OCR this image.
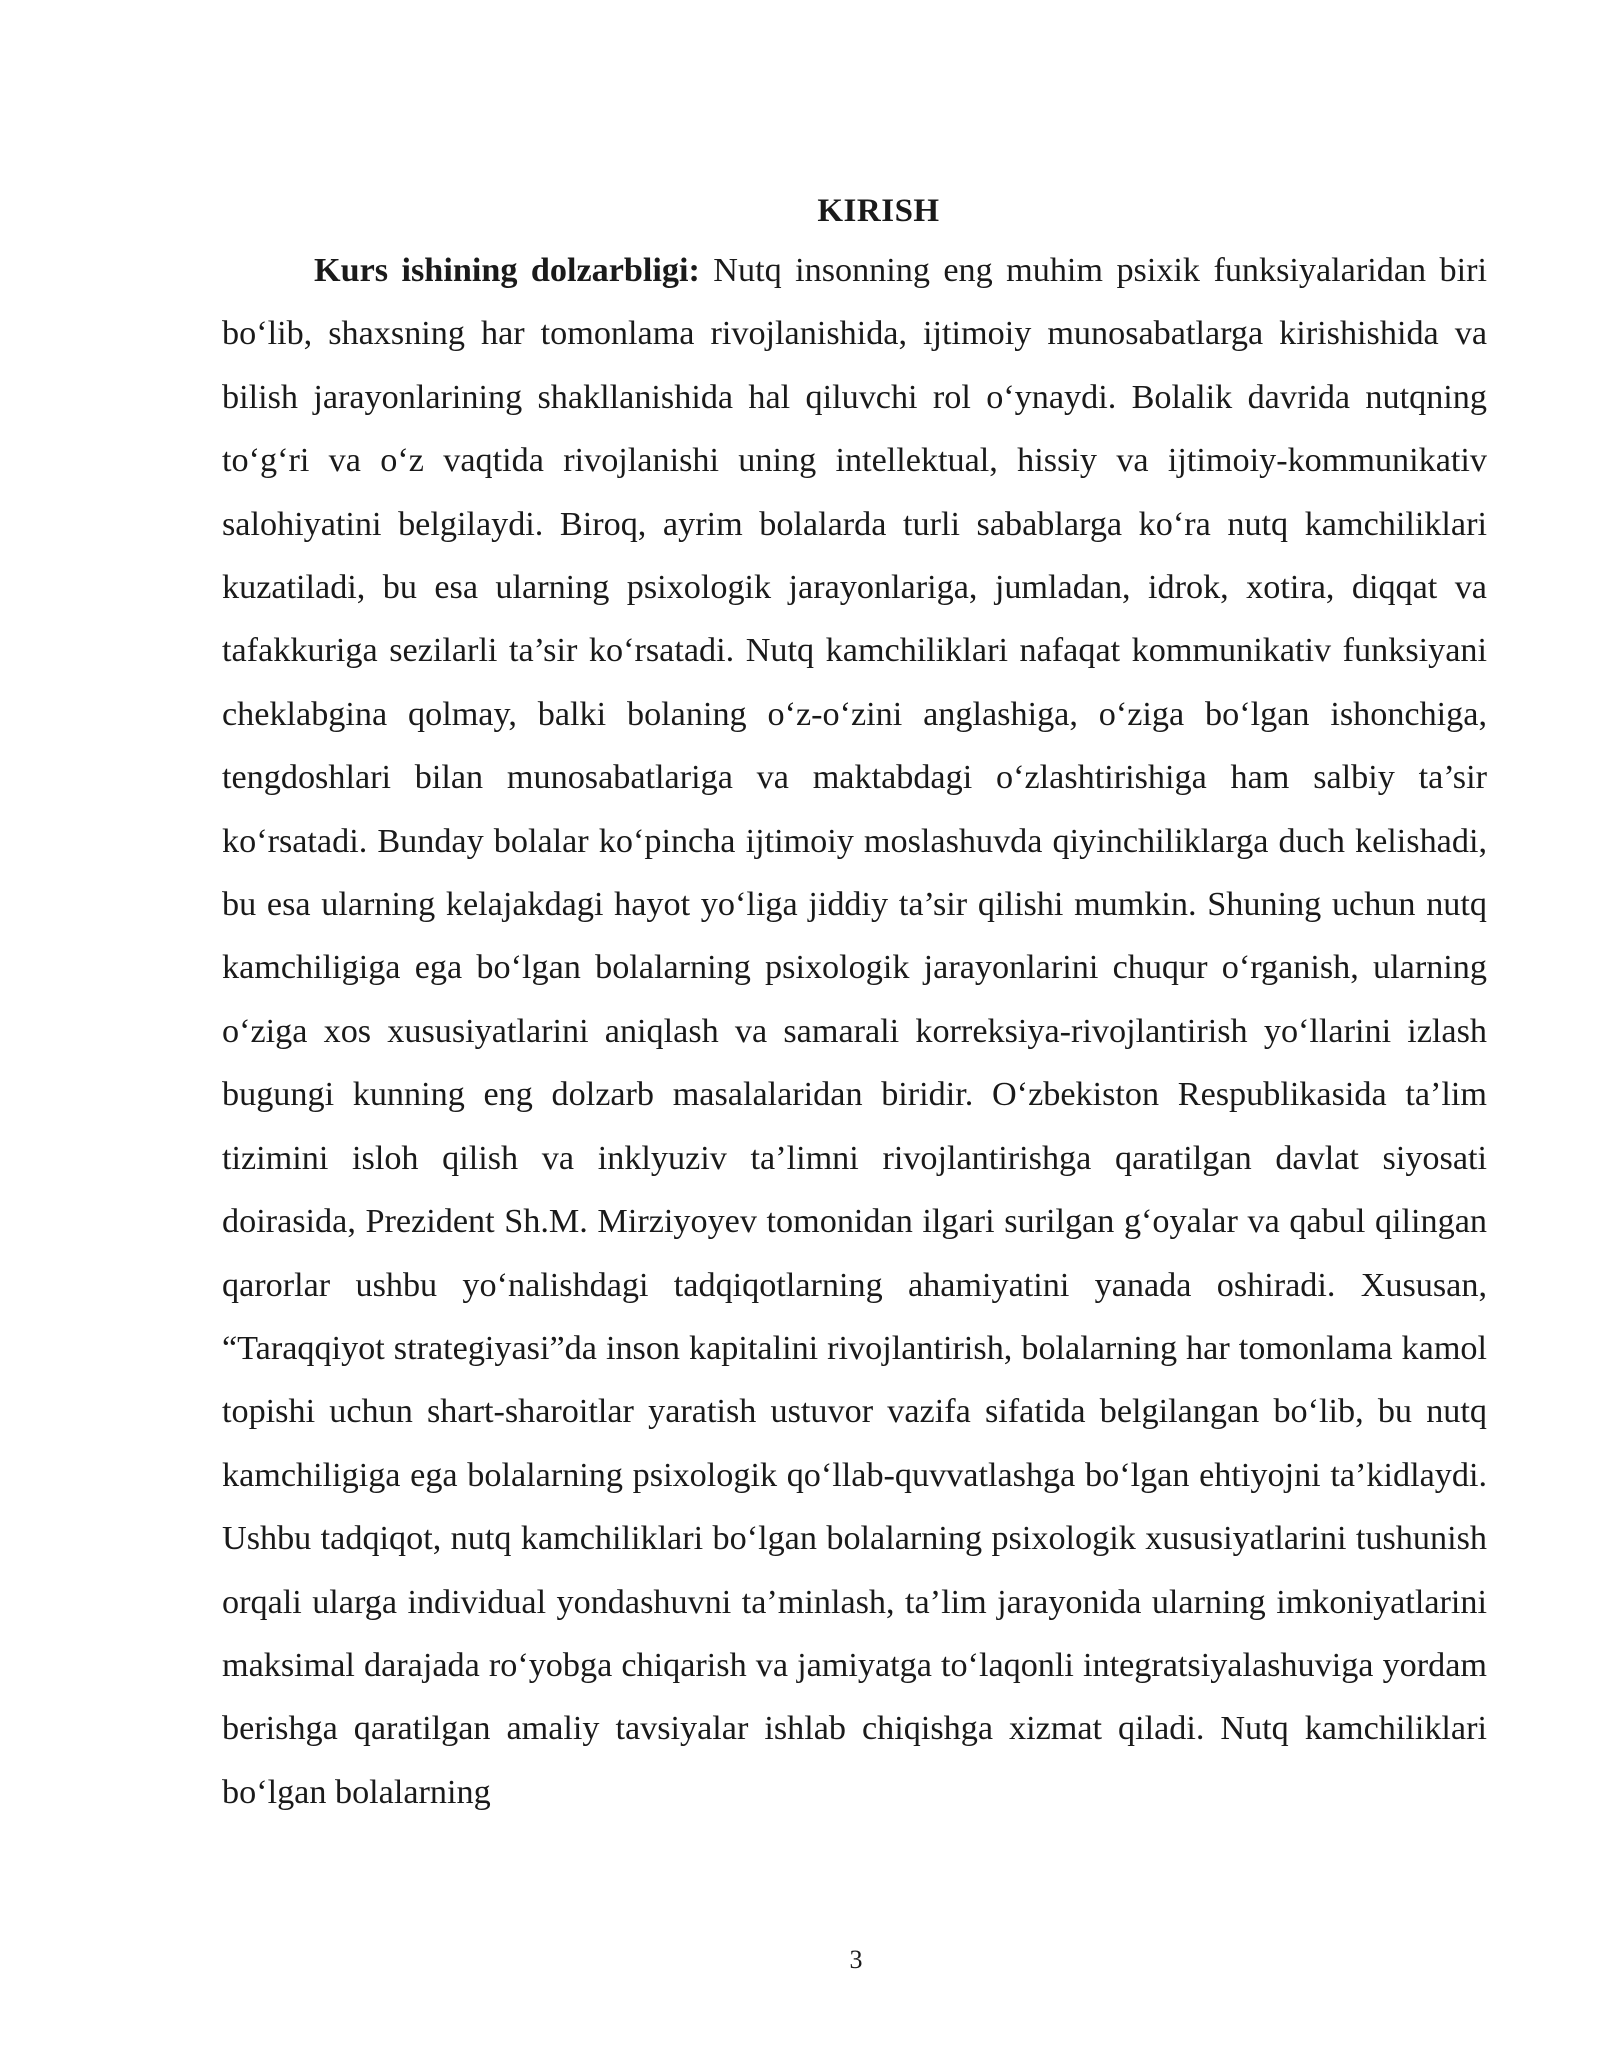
KIRISH

Kurs ishining dolzarbligi: Nutq insonning eng muhim psixik funksiyalaridan biri bo‘lib, shaxsning har tomonlama rivojlanishida, ijtimoiy munosabatlarga kirishishida va bilish jarayonlarining shakllanishida hal qiluvchi rol o‘ynaydi. Bolalik davrida nutqning to‘g‘ri va o‘z vaqtida rivojlanishi uning intellektual, hissiy va ijtimoiy-kommunikativ salohiyatini belgilaydi. Biroq, ayrim bolalarda turli sabablarga ko‘ra nutq kamchiliklari kuzatiladi, bu esa ularning psixologik jarayonlariga, jumladan, idrok, xotira, diqqat va tafakkuriga sezilarli ta’sir ko‘rsatadi. Nutq kamchiliklari nafaqat kommunikativ funksiyani cheklabgina qolmay, balki bolaning o‘z-o‘zini anglashiga, o‘ziga bo‘lgan ishonchiga, tengdoshlari bilan munosabatlariga va maktabdagi o‘zlashtirishiga ham salbiy ta’sir ko‘rsatadi. Bunday bolalar ko‘pincha ijtimoiy moslashuvda qiyinchiliklarga duch kelishadi, bu esa ularning kelajakdagi hayot yo‘liga jiddiy ta’sir qilishi mumkin. Shuning uchun nutq kamchiligiga ega bo‘lgan bolalarning psixologik jarayonlarini chuqur o‘rganish, ularning o‘ziga xos xususiyatlarini aniqlash va samarali korreksiya-rivojlantirish yo‘llarini izlash bugungi kunning eng dolzarb masalalaridan biridir. O‘zbekiston Respublikasida ta’lim tizimini isloh qilish va inklyuziv ta’limni rivojlantirishga qaratilgan davlat siyosati doirasida, Prezident Sh.M. Mirziyoyev tomonidan ilgari surilgan g‘oyalar va qabul qilingan qarorlar ushbu yo‘nalishdagi tadqiqotlarning ahamiyatini yanada oshiradi. Xususan, “Taraqqiyot strategiyasi”da inson kapitalini rivojlantirish, bolalarning har tomonlama kamol topishi uchun shart-sharoitlar yaratish ustuvor vazifa sifatida belgilangan bo‘lib, bu nutq kamchiligiga ega bolalarning psixologik qo‘llab-quvvatlashga bo‘lgan ehtiyojni ta’kidlaydi. Ushbu tadqiqot, nutq kamchiliklari bo‘lgan bolalarning psixologik xususiyatlarini tushunish orqali ularga individual yondashuvni ta’minlash, ta’lim jarayonida ularning imkoniyatlarini maksimal darajada ro‘yobga chiqarish va jamiyatga to‘laqonli integratsiyalashuviga yordam berishga qaratilgan amaliy tavsiyalar ishlab chiqishga xizmat qiladi. Nutq kamchiliklari bo‘lgan bolalarning

3
